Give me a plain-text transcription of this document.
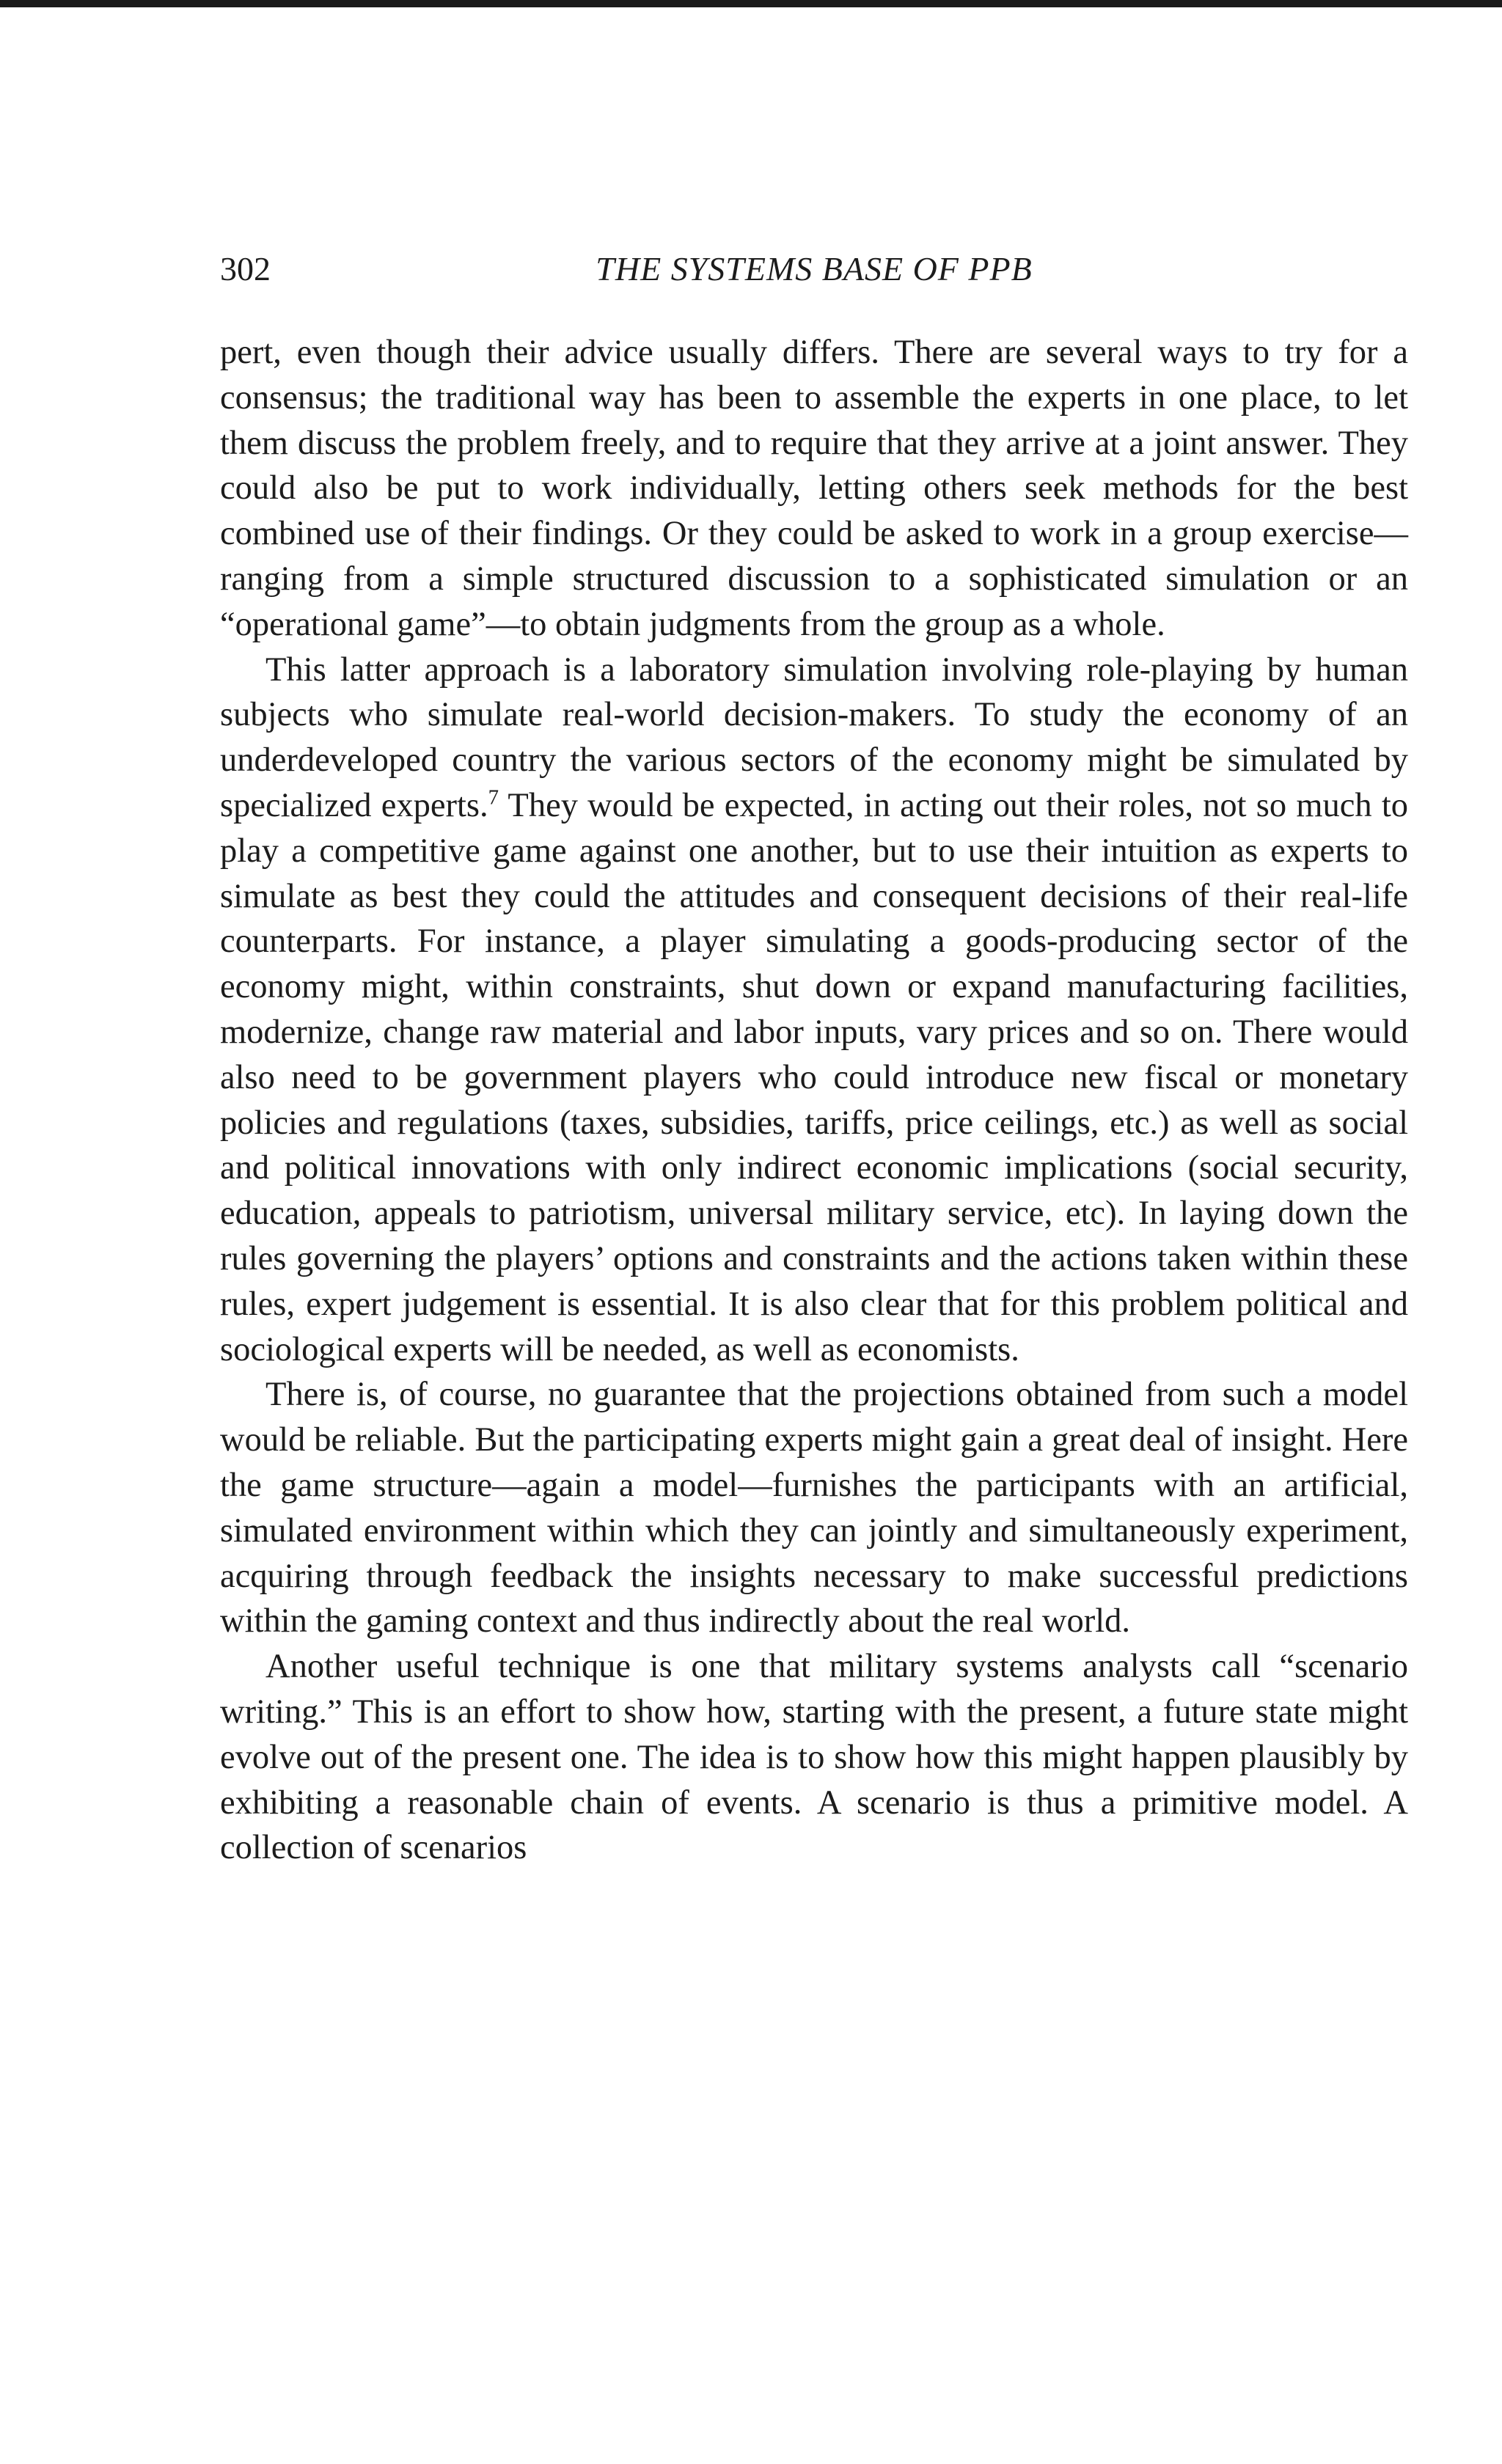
302	THE SYSTEMS BASE OF PPB

pert, even though their advice usually differs. There are several ways to try for a consensus; the traditional way has been to assemble the experts in one place, to let them discuss the problem freely, and to require that they arrive at a joint answer. They could also be put to work individually, letting others seek methods for the best combined use of their findings. Or they could be asked to work in a group exercise—ranging from a simple structured discussion to a sophisticated simulation or an “operational game”—to obtain judgments from the group as a whole.

This latter approach is a laboratory simulation involving role-playing by human subjects who simulate real-world decision-makers. To study the economy of an underdeveloped country the various sectors of the economy might be simulated by specialized experts.$^7$ They would be expected, in acting out their roles, not so much to play a competitive game against one another, but to use their intuition as experts to simulate as best they could the attitudes and consequent decisions of their real-life counterparts. For instance, a player simulating a goods-producing sector of the economy might, within constraints, shut down or expand manufacturing facilities, modernize, change raw material and labor inputs, vary prices and so on. There would also need to be government players who could introduce new fiscal or monetary policies and regulations (taxes, subsidies, tariffs, price ceilings, etc.) as well as social and political innovations with only indirect economic implications (social security, education, appeals to patriotism, universal military service, etc). In laying down the rules governing the players’ options and constraints and the actions taken within these rules, expert judgement is essential. It is also clear that for this problem political and sociological experts will be needed, as well as economists.

There is, of course, no guarantee that the projections obtained from such a model would be reliable. But the participating experts might gain a great deal of insight. Here the game structure—again a model—furnishes the participants with an artificial, simulated environment within which they can jointly and simultaneously experiment, acquiring through feedback the insights necessary to make successful predictions within the gaming context and thus indirectly about the real world.

Another useful technique is one that military systems analysts call “scenario writing.” This is an effort to show how, starting with the present, a future state might evolve out of the present one. The idea is to show how this might happen plausibly by exhibiting a reasonable chain of events. A scenario is thus a primitive model. A collection of scenarios
